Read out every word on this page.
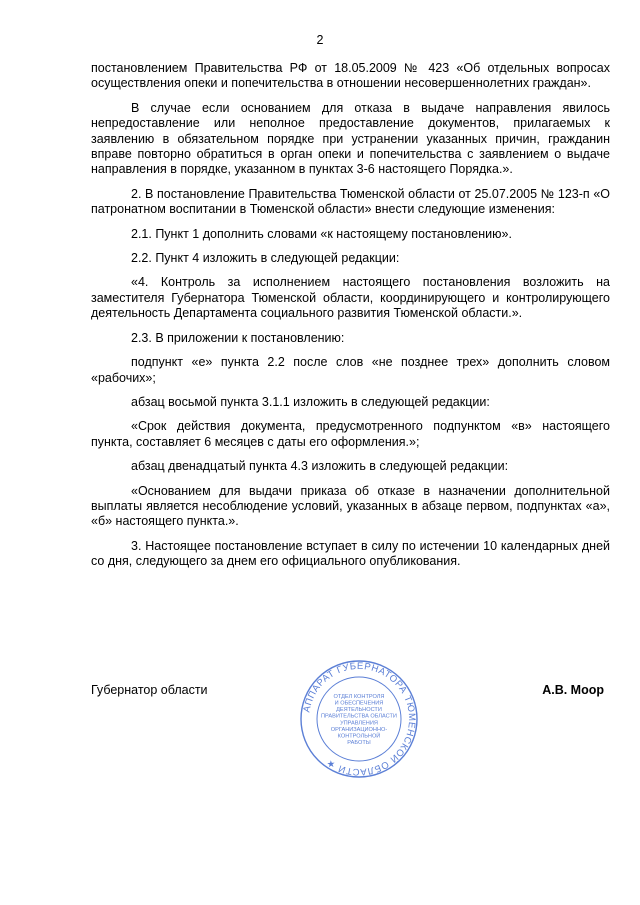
2

постановлением Правительства РФ от 18.05.2009 № 423 «Об отдельных вопросах осуществления опеки и попечительства в отношении несовершеннолетних граждан».

В случае если основанием для отказа в выдаче направления явилось непредоставление или неполное предоставление документов, прилагаемых к заявлению в обязательном порядке при устранении указанных причин, гражданин вправе повторно обратиться в орган опеки и попечительства с заявлением о выдаче направления в порядке, указанном в пунктах 3-6 настоящего Порядка.».

2. В постановление Правительства Тюменской области от 25.07.2005 № 123-п «О патронатном воспитании в Тюменской области» внести следующие изменения:

2.1. Пункт 1 дополнить словами «к настоящему постановлению».

2.2. Пункт 4 изложить в следующей редакции:

«4. Контроль за исполнением настоящего постановления возложить на заместителя Губернатора Тюменской области, координирующего и контролирующего деятельность Департамента социального развития Тюменской области.».

2.3. В приложении к постановлению:

подпункт «е» пункта 2.2 после слов «не позднее трех» дополнить словом «рабочих»;

абзац восьмой пункта 3.1.1 изложить в следующей редакции:

«Срок действия документа, предусмотренного подпунктом «в» настоящего пункта, составляет 6 месяцев с даты его оформления.»;

абзац двенадцатый пункта 4.3 изложить в следующей редакции:

«Основанием для выдачи приказа об отказе в назначении дополнительной выплаты является несоблюдение условий, указанных в абзаце первом, подпунктах «а», «б» настоящего пункта.».

3. Настоящее постановление вступает в силу по истечении 10 календарных дней со дня, следующего за днем его официального опубликования.

Губернатор области	А.В. Моор
АППАРАТ ГУБЕРНАТОРА ТЮМЕНСКОЙ ОБЛАСТИ ★
ОТДЕЛ КОНТРОЛЯ
И ОБЕСПЕЧЕНИЯ
ДЕЯТЕЛЬНОСТИ
ПРАВИТЕЛЬСТВА ОБЛАСТИ
УПРАВЛЕНИЯ
ОРГАНИЗАЦИОННО-
КОНТРОЛЬНОЙ
РАБОТЫ
